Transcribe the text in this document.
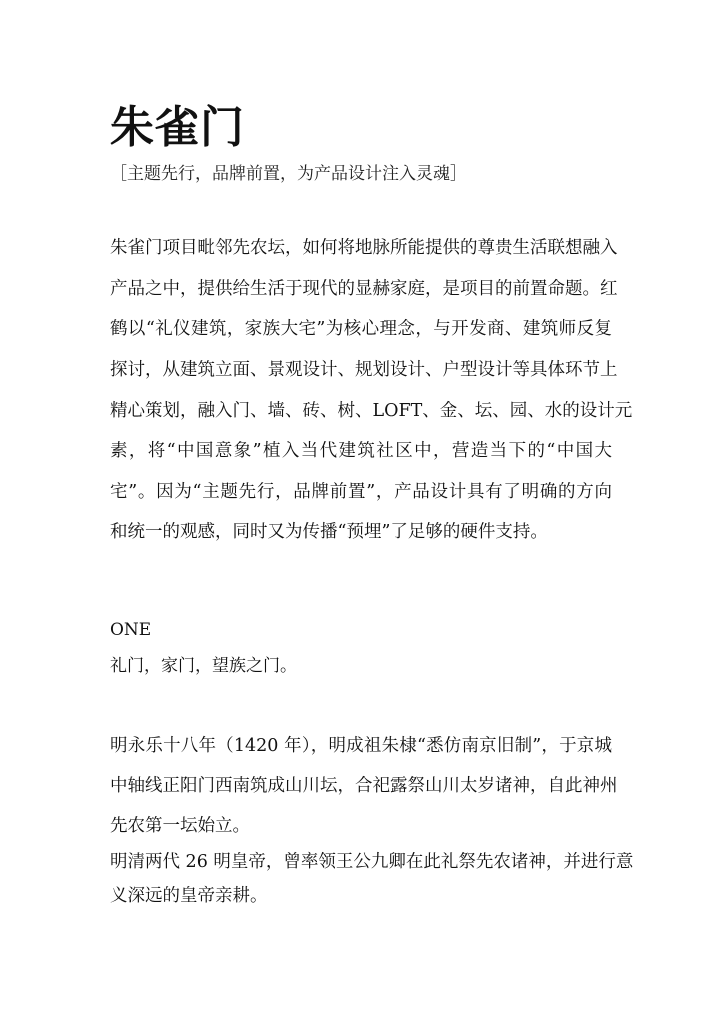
朱雀门
［主题先行，品牌前置，为产品设计注入灵魂］
朱雀门项目毗邻先农坛，如何将地脉所能提供的尊贵生活联想融入
产品之中，提供给生活于现代的显赫家庭，是项目的前置命题。红
鹤以“礼仪建筑，家族大宅”为核心理念，与开发商、建筑师反复
探讨，从建筑立面、景观设计、规划设计、户型设计等具体环节上
精心策划，融入门、墙、砖、树、LOFT、金、坛、园、水的设计元
素，将“中国意象”植入当代建筑社区中，营造当下的“中国大
宅”。因为“主题先行，品牌前置”，产品设计具有了明确的方向
和统一的观感，同时又为传播“预埋”了足够的硬件支持。
ONE
礼门，家门，望族之门。
明永乐十八年（1420 年），明成祖朱棣“悉仿南京旧制”，于京城
中轴线正阳门西南筑成山川坛，合祀露祭山川太岁诸神，自此神州
先农第一坛始立。
明清两代 26 明皇帝，曾率领王公九卿在此礼祭先农诸神，并进行意
义深远的皇帝亲耕。
